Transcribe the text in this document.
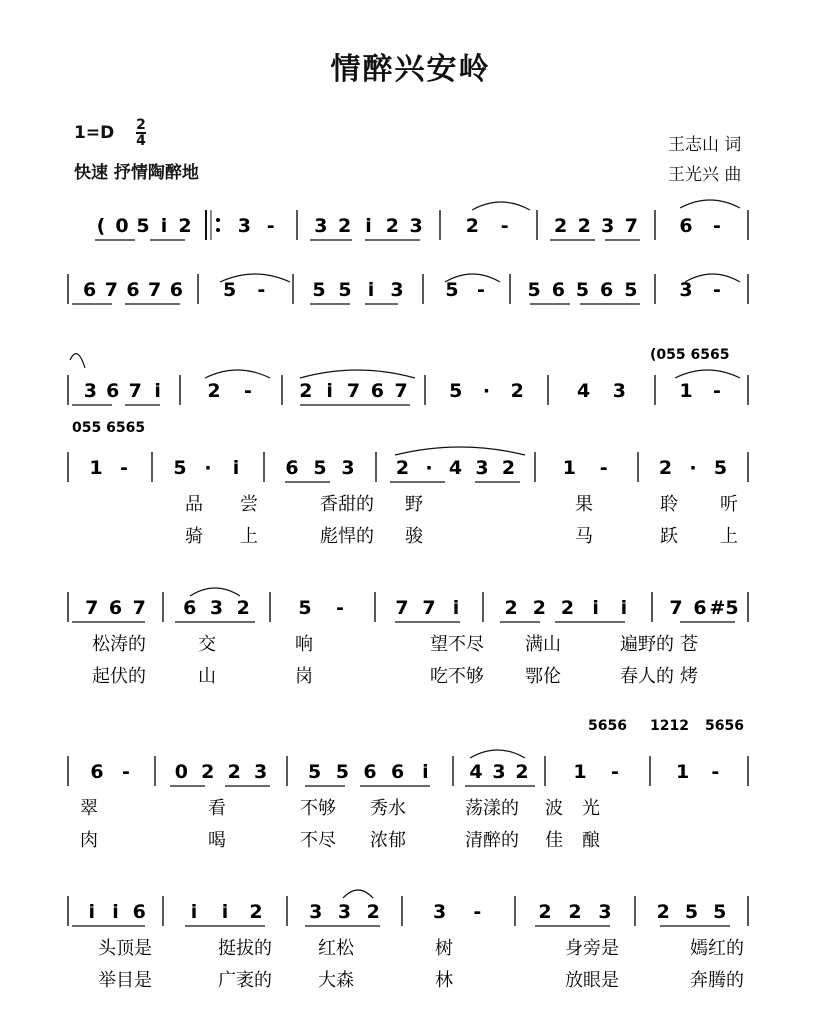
情醉兴安岭
$1=D \frac{2}{4}$
快速 抒情陶醉地
王志山 词
王光兴 曲
( 0 5 i 2 3 - 3 2 i 2 3 2 - 2 2 3 7 6 -
6 7 6 7 6 5 - 5 5 i 3 5 - 5 6 5 6 5 3 -
3 6 7 i 2 - 2 i 7 6 7 5 · 2	4 3	1 -
(055 6565
1 - 5 · i 6 5 3 2 · 4 3 2	1 -	2 · 5
055 6565
品 尝	香甜的 野	果	聆 听
骑 上	彪悍的 骏	马	跃 上
7 6 7 6 3 2	5 -	7 7 i 2 2 2 i i 7 6 #5
松涛的	交	响	望不尽 满山	遍野的 苍
起伏的	山	岗	吃不够 鄂伦	春人的 烤
6 - 0 2 2 3 5 5 6 6 i 4 3 2 1 -	1 -
5656 1212 5656
翠	看	不够 秀水	荡漾的 波 光
肉	喝	不尽 浓郁	清醉的 佳 酿
i i 6 i i 2 3 3 2	3 -	2 2 3 2 5 5
头顶是	挺拔的	红松	树	身旁是	嫣红的
举目是	广袤的	大森	林	放眼是	奔腾的
